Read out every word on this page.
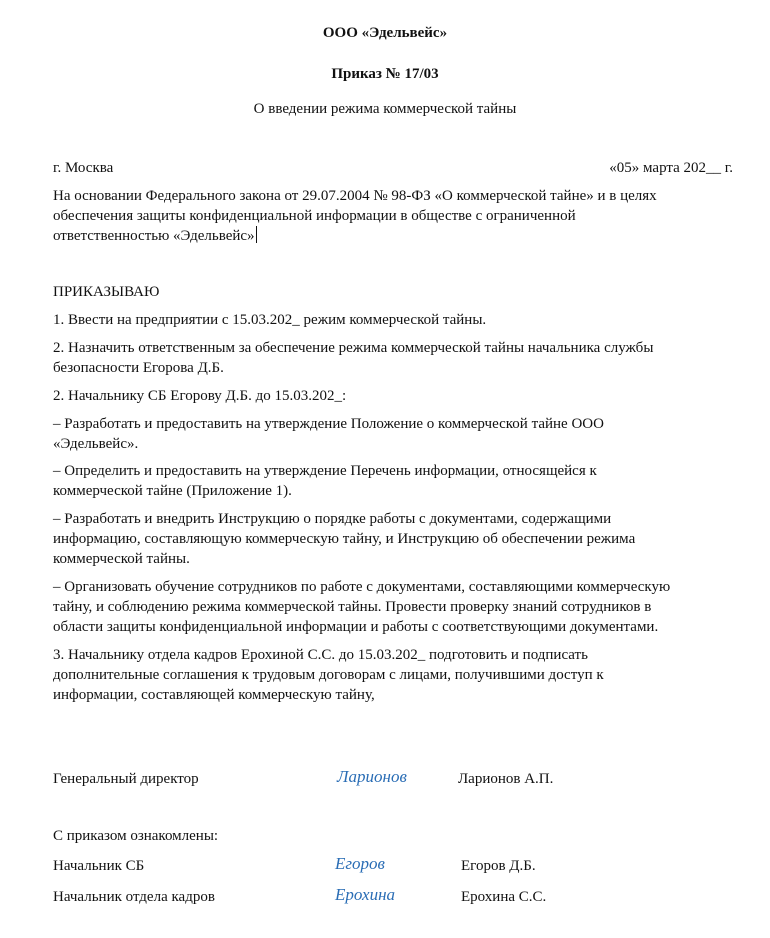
ООО «Эдельвейс»
Приказ № 17/03
О введении режима коммерческой тайны
г. Москва	«05» марта 202__ г.
На основании Федерального закона от 29.07.2004 № 98-ФЗ «О коммерческой тайне» и в целях
обеспечения защиты конфиденциальной информации в обществе с ограниченной
ответственностью «Эдельвейс»
ПРИКАЗЫВАЮ
1. Ввести на предприятии с 15.03.202_ режим коммерческой тайны.
2. Назначить ответственным за обеспечение режима коммерческой тайны начальника службы
безопасности Егорова Д.Б.
2. Начальнику СБ Егорову Д.Б. до 15.03.202_:
– Разработать и предоставить на утверждение Положение о коммерческой тайне ООО
«Эдельвейс».
– Определить и предоставить на утверждение Перечень информации, относящейся к
коммерческой тайне (Приложение 1).
– Разработать и внедрить Инструкцию о порядке работы с документами, содержащими
информацию, составляющую коммерческую тайну, и Инструкцию об обеспечении режима
коммерческой тайны.
– Организовать обучение сотрудников по работе с документами, составляющими коммерческую
тайну, и соблюдению режима коммерческой тайны. Провести проверку знаний сотрудников в
области защиты конфиденциальной информации и работы с соответствующими документами.
3. Начальнику отдела кадров Ерохиной С.С. до 15.03.202_ подготовить и подписать
дополнительные соглашения к трудовым договорам с лицами, получившими доступ к
информации, составляющей коммерческую тайну,
Генеральный директор	Ларионов	Ларионов А.П.
С приказом ознакомлены:
Начальник СБ	Егоров	Егоров Д.Б.
Начальник отдела кадров	Ерохина	Ерохина С.С.
